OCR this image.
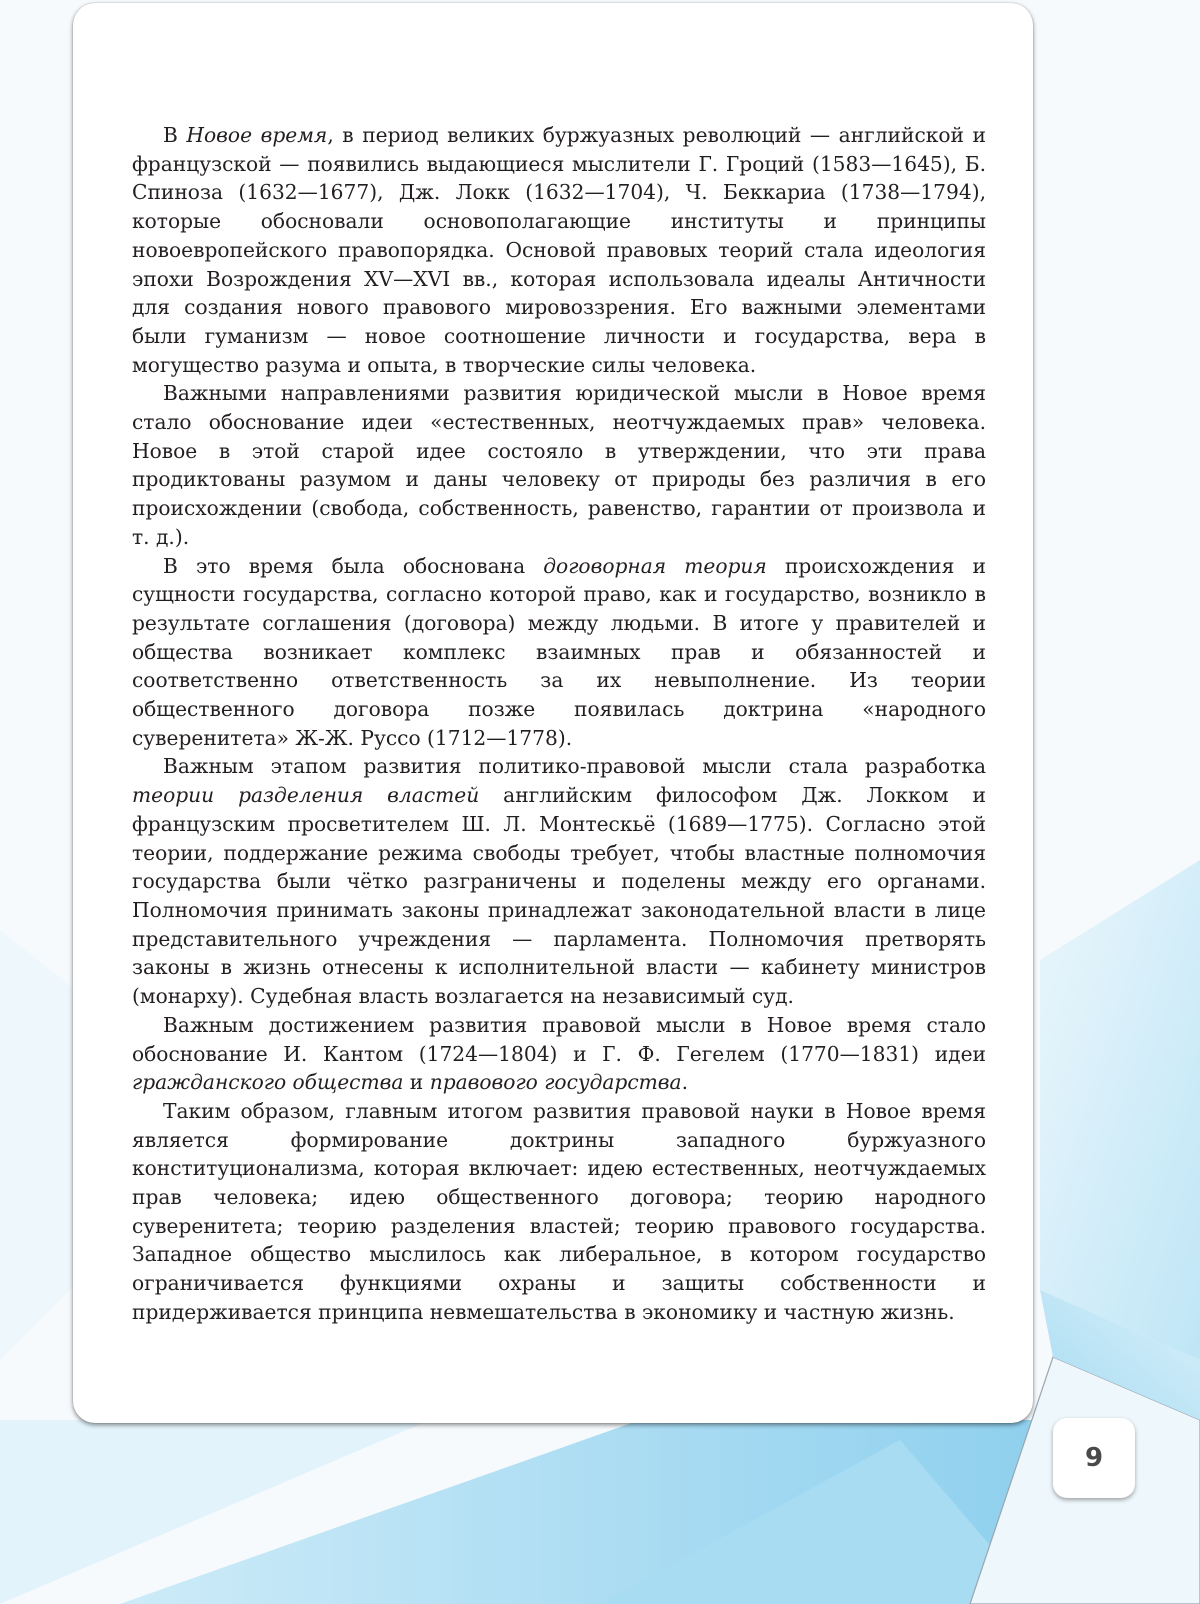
В Новое время, в период великих буржуазных революций — английской и французской — появились выдающиеся мыслители Г. Гроций (1583—1645), Б. Спиноза (1632—1677), Дж. Локк (1632—1704), Ч. Беккариа (1738—1794), которые обосновали основополагающие институты и принципы новоевропейского правопорядка. Основой правовых теорий стала идеология эпохи Возрождения XV—XVI вв., которая использовала идеалы Античности для создания нового правового мировоззрения. Его важными элементами были гуманизм — новое соотношение личности и государства, вера в могущество разума и опыта, в творческие силы человека.

Важными направлениями развития юридической мысли в Новое время стало обоснование идеи «естественных, неотчуждаемых прав» человека. Новое в этой старой идее состояло в утверждении, что эти права продиктованы разумом и даны человеку от природы без различия в его происхождении (свобода, собственность, равенство, гарантии от произвола и т. д.).

В это время была обоснована договорная теория происхождения и сущности государства, согласно которой право, как и государство, возникло в результате соглашения (договора) между людьми. В итоге у правителей и общества возникает комплекс взаимных прав и обязанностей и соответственно ответственность за их невыполнение. Из теории общественного договора позже появилась доктрина «народного суверенитета» Ж-Ж. Руссо (1712—1778).

Важным этапом развития политико-правовой мысли стала разработка теории разделения властей английским философом Дж. Локком и французским просветителем Ш. Л. Монтескьё (1689—1775). Согласно этой теории, поддержание режима свободы требует, чтобы властные полномочия государства были чётко разграничены и поделены между его органами. Полномочия принимать законы принадлежат законодательной власти в лице представительного учреждения — парламента. Полномочия претворять законы в жизнь отнесены к исполнительной власти — кабинету министров (монарху). Судебная власть возлагается на независимый суд.

Важным достижением развития правовой мысли в Новое время стало обоснование И. Кантом (1724—1804) и Г. Ф. Гегелем (1770—1831) идеи гражданского общества и правового государства.

Таким образом, главным итогом развития правовой науки в Новое время является формирование доктрины западного буржуазного конституционализма, которая включает: идею естественных, неотчуждаемых прав человека; идею общественного договора; теорию народного суверенитета; теорию разделения властей; теорию правового государства. Западное общество мыслилось как либеральное, в котором государство ограничивается функциями охраны и защиты собственности и придерживается принципа невмешательства в экономику и частную жизнь.

9
